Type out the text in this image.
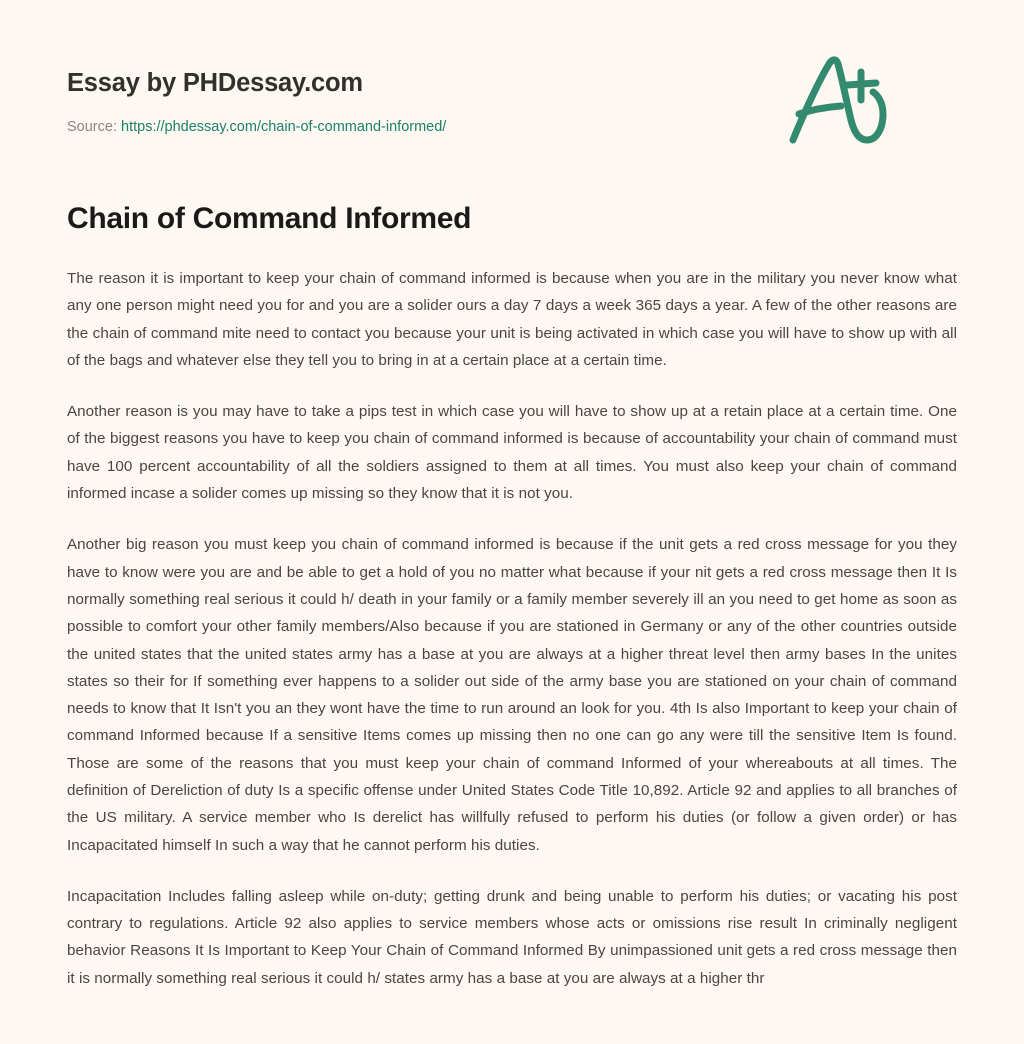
Essay by PHDessay.com
Source: https://phdessay.com/chain-of-command-informed/
Chain of Command Informed

The reason it is important to keep your chain of command informed is because when you are in the military you never know what any one person might need you for and you are a solider ours a day 7 days a week 365 days a year. A few of the other reasons are the chain of command mite need to contact you because your unit is being activated in which case you will have to show up with all of the bags and whatever else they tell you to bring in at a certain place at a certain time.

Another reason is you may have to take a pips test in which case you will have to show up at a retain place at a certain time. One of the biggest reasons you have to keep you chain of command informed is because of accountability your chain of command must have 100 percent accountability of all the soldiers assigned to them at all times. You must also keep your chain of command informed incase a solider comes up missing so they know that it is not you.

Another big reason you must keep you chain of command informed is because if the unit gets a red cross message for you they have to know were you are and be able to get a hold of you no matter what because if your nit gets a red cross message then It Is normally something real serious it could h/ death in your family or a family member severely ill an you need to get home as soon as possible to comfort your other family members/Also because if you are stationed in Germany or any of the other countries outside the united states that the united states army has a base at you are always at a higher threat level then army bases In the unites states so their for If something ever happens to a solider out side of the army base you are stationed on your chain of command needs to know that It Isn't you an they wont have the time to run around an look for you. 4th Is also Important to keep your chain of command Informed because If a sensitive Items comes up missing then no one can go any were till the sensitive Item Is found. Those are some of the reasons that you must keep your chain of command Informed of your whereabouts at all times. The definition of Dereliction of duty Is a specific offense under United States Code Title 10,892. Article 92 and applies to all branches of the US military. A service member who Is derelict has willfully refused to perform his duties (or follow a given order) or has Incapacitated himself In such a way that he cannot perform his duties.

Incapacitation Includes falling asleep while on-duty; getting drunk and being unable to perform his duties; or vacating his post contrary to regulations. Article 92 also applies to service members whose acts or omissions rise result In criminally negligent behavior Reasons It Is Important to Keep Your Chain of Command Informed By unimpassioned unit gets a red cross message then it is normally something real serious it could h/ states army has a base at you are always at a higher thr
